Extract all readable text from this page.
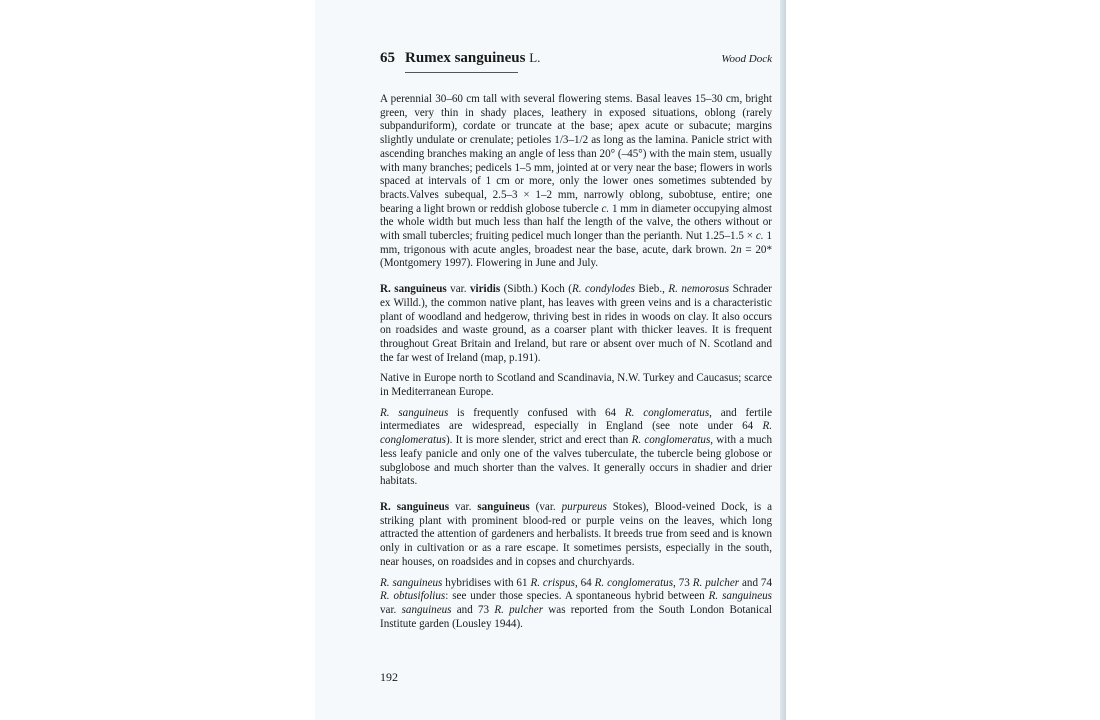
65 Rumex sanguineus L.	Wood Dock

A perennial 30–60 cm tall with several flowering stems. Basal leaves 15–30 cm, bright green, very thin in shady places, leathery in exposed situations, oblong (rarely subpanduriform), cordate or truncate at the base; apex acute or subacute; margins slightly undulate or crenulate; petioles 1/3–1/2 as long as the lamina. Panicle strict with ascending branches making an angle of less than 20° (–45°) with the main stem, usually with many branches; pedicels 1–5 mm, jointed at or very near the base; flowers in worls spaced at intervals of 1 cm or more, only the lower ones sometimes subtended by bracts.Valves subequal, 2.5–3 × 1–2 mm, narrowly oblong, subobtuse, entire; one bearing a light brown or reddish globose tubercle c. 1 mm in diameter occupying almost the whole width but much less than half the length of the valve, the others without or with small tubercles; fruiting pedicel much longer than the perianth. Nut 1.25–1.5 × c. 1 mm, trigonous with acute angles, broadest near the base, acute, dark brown. 2n = 20* (Montgomery 1997). Flowering in June and July.

R. sanguineus var. viridis (Sibth.) Koch (R. condylodes Bieb., R. nemorosus Schrader ex Willd.), the common native plant, has leaves with green veins and is a characteristic plant of woodland and hedgerow, thriving best in rides in woods on clay. It also occurs on roadsides and waste ground, as a coarser plant with thicker leaves. It is frequent throughout Great Britain and Ireland, but rare or absent over much of N. Scotland and the far west of Ireland (map, p.191).

Native in Europe north to Scotland and Scandinavia, N.W. Turkey and Caucasus; scarce in Mediterranean Europe.

R. sanguineus is frequently confused with 64 R. conglomeratus, and fertile intermediates are widespread, especially in England (see note under 64 R. conglomeratus). It is more slender, strict and erect than R. conglomeratus, with a much less leafy panicle and only one of the valves tuberculate, the tubercle being globose or subglobose and much shorter than the valves. It generally occurs in shadier and drier habitats.

R. sanguineus var. sanguineus (var. purpureus Stokes), Blood-veined Dock, is a striking plant with prominent blood-red or purple veins on the leaves, which long attracted the attention of gardeners and herbalists. It breeds true from seed and is known only in cultivation or as a rare escape. It sometimes persists, especially in the south, near houses, on roadsides and in copses and churchyards.

R. sanguineus hybridises with 61 R. crispus, 64 R. conglomeratus, 73 R. pulcher and 74 R. obtusifolius: see under those species. A spontaneous hybrid between R. sanguineus var. sanguineus and 73 R. pulcher was reported from the South London Botanical Institute garden (Lousley 1944).

192
